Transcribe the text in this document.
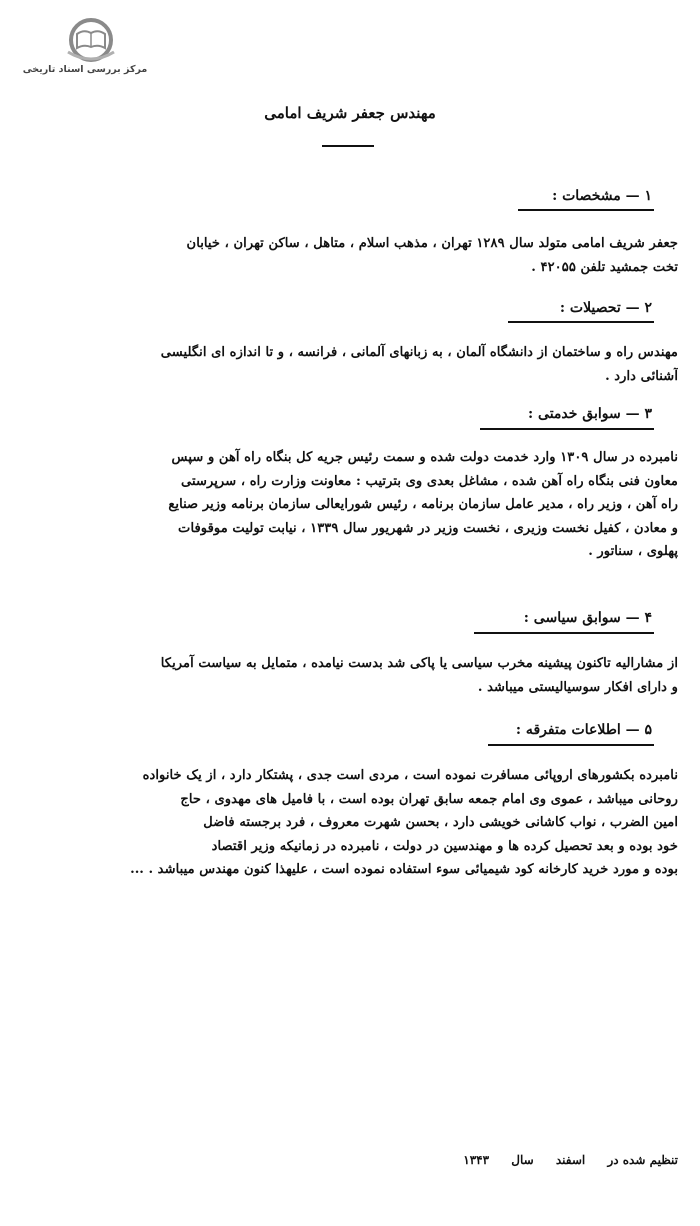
مرکز بررسی اسناد تاریخی
مهندس جعفر شریف امامی
۱ — مشخصات :
جعفر شریف امامی متولد سال ۱۲۸۹ تهران ، مذهب اسلام ، متاهل ، ساکن تهران ، خیابان
تخت جمشید تلفن ۴۲۰۵۵ .
۲ — تحصیلات :
مهندس راه و ساختمان از دانشگاه آلمان ، به زبانهای آلمانی ، فرانسه ، و تا اندازه ای انگلیسی
آشنائی دارد .
۳ — سوابق خدمتی :
نامبرده در سال ۱۳۰۹ وارد خدمت دولت شده و سمت رئیس جریه کل بنگاه راه آهن و سپس
معاون فنی بنگاه راه آهن شده ، مشاغل بعدی وی بترتیب : معاونت وزارت راه ، سرپرستی
راه آهن ، وزیر راه ، مدیر عامل سازمان برنامه ، رئیس شورایعالی سازمان برنامه وزیر صنایع
و معادن ، کفیل نخست وزیری ، نخست وزیر در شهریور سال ۱۳۳۹ ، نیابت تولیت موقوفات
پهلوی ، سناتور .
۴ — سوابق سیاسی :
از مشارالیه تاکنون پیشینه مخرب سیاسی یا پاکی شد بدست نیامده ، متمایل به سیاست آمریکا
و دارای افکار سوسیالیستی میباشد .
۵ — اطلاعات متفرقه :
نامبرده بکشورهای اروپائی مسافرت نموده است ، مردی است جدی ، پشتکار دارد ، از یک خانواده
روحانی میباشد ، عموی وی امام جمعه سابق تهران بوده است ، با فامیل های مهدوی ، حاج
امین الضرب ، نواب کاشانی خویشی دارد ، بحسن شهرت معروف ، فرد برجسته فاضل
خود بوده و بعد تحصیل کرده ها و مهندسین در دولت ، نامبرده در زمانیکه وزیر اقتصاد
بوده و مورد خرید کارخانه کود شیمیائی سوء استفاده نموده است ، علیهذا کنون مهندس میباشد . ...
تنظیم شده در اسفند سال ۱۳۴۳
